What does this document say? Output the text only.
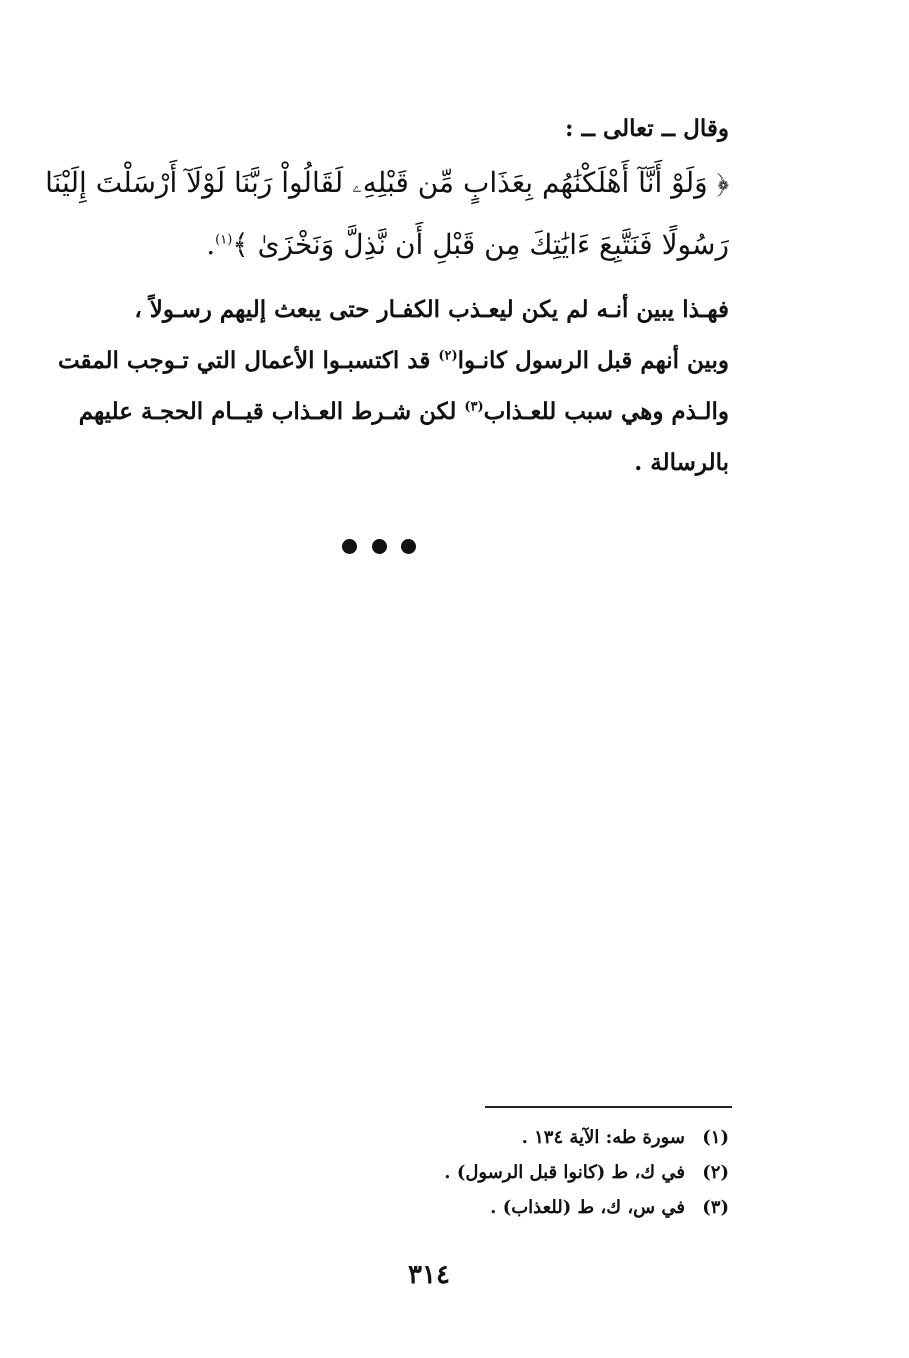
وقال ــ تعالى ــ :
﴿ وَلَوْ أَنَّآ أَهْلَكْنَٰهُم بِعَذَابٍ مِّن قَبْلِهِۦ لَقَالُواْ رَبَّنَا لَوْلَآ أَرْسَلْتَ إِلَيْنَا
رَسُولًا فَنَتَّبِعَ ءَايَٰتِكَ مِن قَبْلِ أَن نَّذِلَّ وَنَخْزَىٰ ﴾$^{(١)}$.
فهـذا يبين أنـه لم يكن ليعـذب الكفـار حتى يبعث إليهم رسـولاً ،
وبين أنهم قبل الرسول كانـوا$^{(٢)}$ قد اكتسبـوا الأعمال التي تـوجب المقت
والـذم وهي سبب للعـذاب$^{(٣)}$ لكن شـرط العـذاب قيــام الحجـة عليهم
بالرسالة .
(١)
سورة طه: الآية ١٣٤ .
(٢)
في ك، ط (كانوا قبل الرسول) .
(٣)
في س، ك، ط (للعذاب) .
٣١٤
